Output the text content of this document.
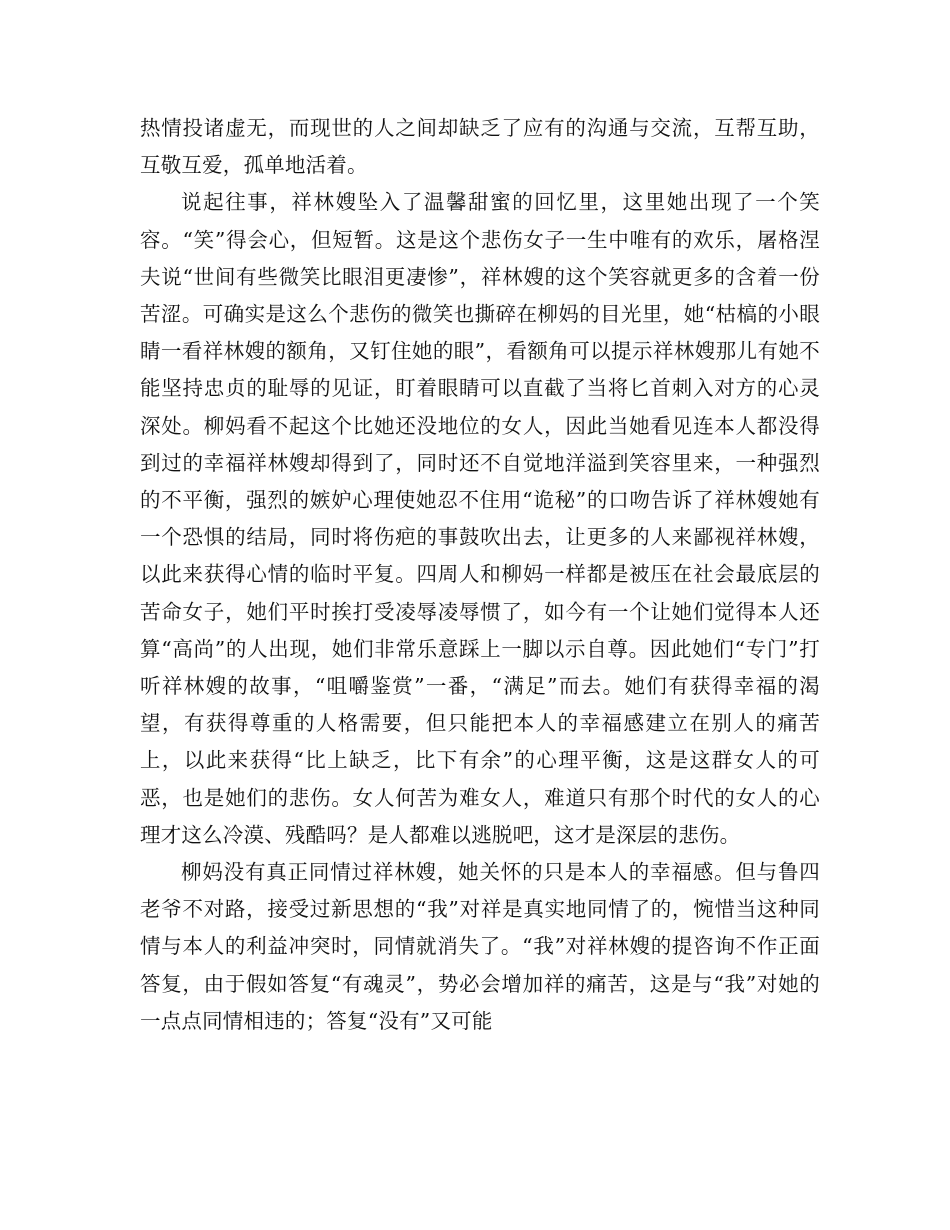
热情投诸虚无，而现世的人之间却缺乏了应有的沟通与交流，互帮互助，互敬互爱，孤单地活着。

说起往事，祥林嫂坠入了温馨甜蜜的回忆里，这里她出现了一个笑容。“笑”得会心，但短暂。这是这个悲伤女子一生中唯有的欢乐，屠格涅夫说“世间有些微笑比眼泪更凄惨”，祥林嫂的这个笑容就更多的含着一份苦涩。可确实是这么个悲伤的微笑也撕碎在柳妈的目光里，她“枯槁的小眼睛一看祥林嫂的额角，又钉住她的眼”，看额角可以提示祥林嫂那儿有她不能坚持忠贞的耻辱的见证，盯着眼睛可以直截了当将匕首刺入对方的心灵深处。柳妈看不起这个比她还没地位的女人，因此当她看见连本人都没得到过的幸福祥林嫂却得到了，同时还不自觉地洋溢到笑容里来，一种强烈的不平衡，强烈的嫉妒心理使她忍不住用“诡秘”的口吻告诉了祥林嫂她有一个恐惧的结局，同时将伤疤的事鼓吹出去，让更多的人来鄙视祥林嫂，以此来获得心情的临时平复。四周人和柳妈一样都是被压在社会最底层的苦命女子，她们平时挨打受凌辱凌辱惯了，如今有一个让她们觉得本人还算“高尚”的人出现，她们非常乐意踩上一脚以示自尊。因此她们“专门”打听祥林嫂的故事，“咀嚼鉴赏”一番，“满足”而去。她们有获得幸福的渴望，有获得尊重的人格需要，但只能把本人的幸福感建立在别人的痛苦上，以此来获得“比上缺乏，比下有余”的心理平衡，这是这群女人的可恶，也是她们的悲伤。女人何苦为难女人，难道只有那个时代的女人的心理才这么冷漠、残酷吗？是人都难以逃脱吧，这才是深层的悲伤。

柳妈没有真正同情过祥林嫂，她关怀的只是本人的幸福感。但与鲁四老爷不对路，接受过新思想的“我”对祥是真实地同情了的，惋惜当这种同情与本人的利益冲突时，同情就消失了。“我”对祥林嫂的提咨询不作正面答复，由于假如答复“有魂灵”，势必会增加祥的痛苦，这是与“我”对她的一点点同情相违的；答复“没有”又可能
